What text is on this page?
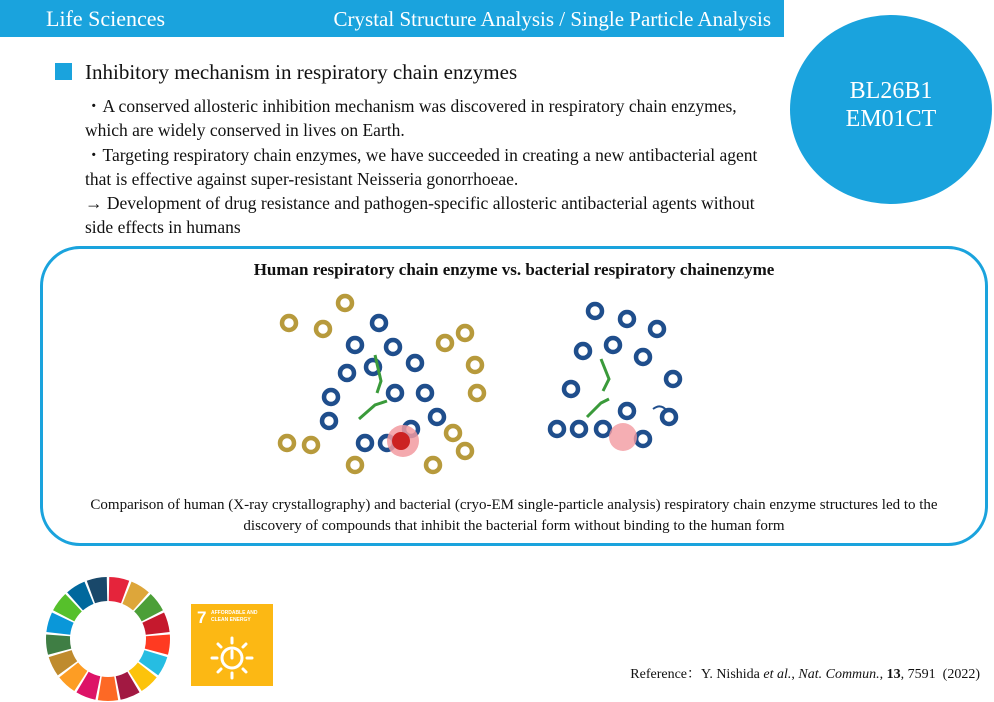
Life Sciences	Crystal Structure Analysis / Single Particle Analysis
BL26B1
EM01CT
Inhibitory mechanism in respiratory chain enzymes

・A conserved allosteric inhibition mechanism was discovered in respiratory chain enzymes, which are widely conserved in lives on Earth.

・Targeting respiratory chain enzymes, we have succeeded in creating a new antibacterial agent that is effective against super-resistant Neisseria gonorrhoeae.

→ Development of drug resistance and pathogen-specific allosteric antibacterial agents without side effects in humans

Human respiratory chain enzyme vs. bacterial respiratory chainenzyme
Comparison of human (X-ray crystallography) and bacterial (cryo-EM single-particle analysis) respiratory chain enzyme structures led to the discovery of compounds that inhibit the bacterial form without binding to the human form
7 AFFORDABLE AND CLEAN ENERGY
Reference：Y. Nishida et al., Nat. Commun., 13, 7591  (2022)
